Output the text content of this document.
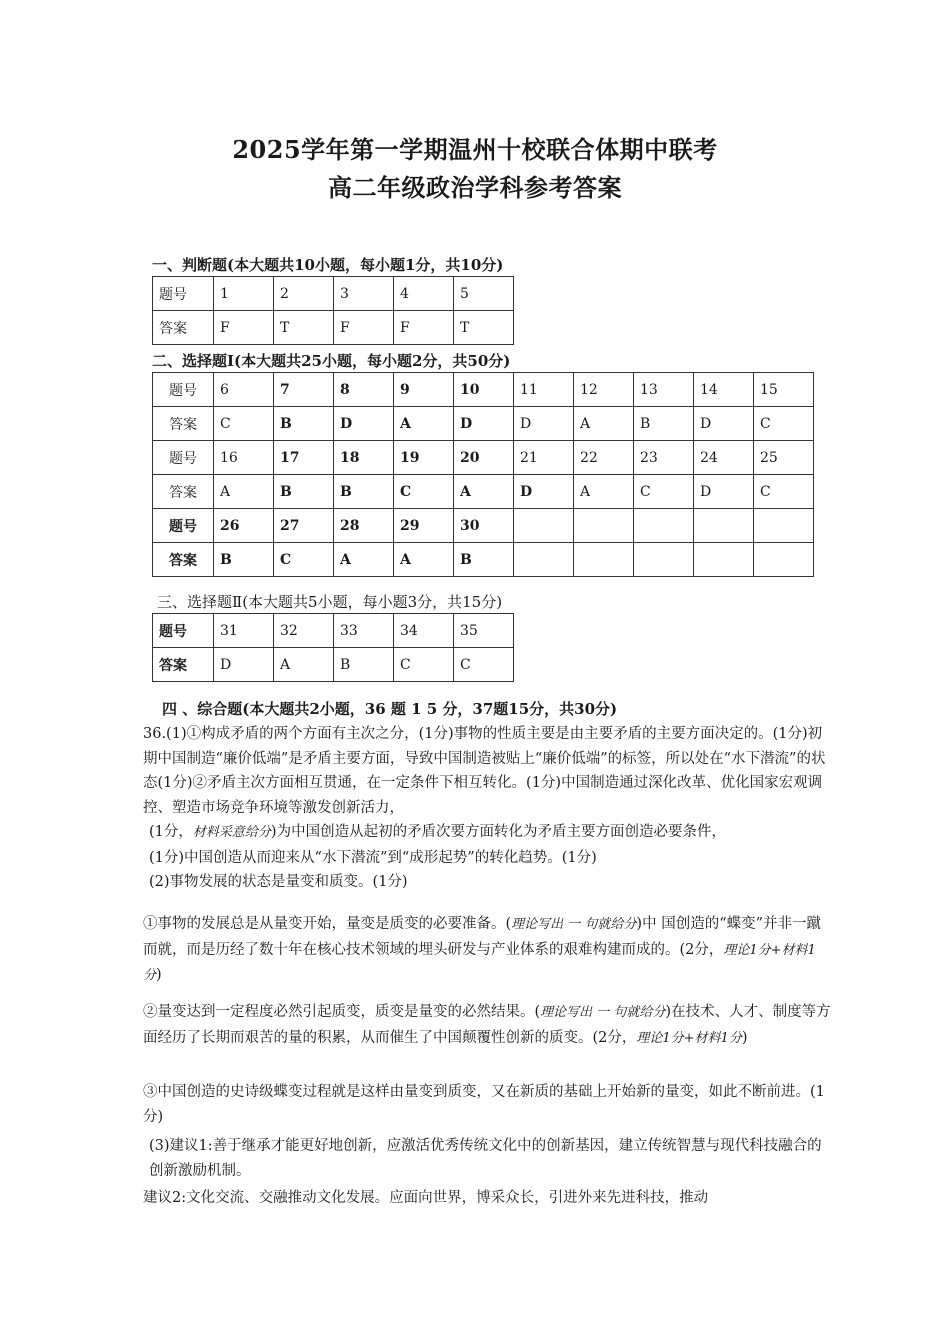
2025学年第一学期温州十校联合体期中联考
高二年级政治学科参考答案
一、判断题(本大题共10小题，每小题1分，共10分)
题号	1	2	3	4	5
答案	F	T	F	F	T
二、选择题I(本大题共25小题，每小题2分，共50分)
题号	6	7	8	9	10	11	12	13	14	15
答案	C	B	D	A	D	D	A	B	D	C
题号	16	17	18	19	20	21	22	23	24	25
答案	A	B	B	C	A	D	A	C	D	C
题号	26	27	28	29	30					
答案	B	C	A	A	B					
三、选择题Ⅱ(本大题共5小题，每小题3分，共15分)
题号	31	32	33	34	35
答案	D	A	B	C	C
四 、综合题(本大题共2小题，36 题 1 5 分，37题15分，共30分)

36.(1)①构成矛盾的两个方面有主次之分，(1分)事物的性质主要是由主要矛盾的主要方面决定的。(1分)初期中国制造“廉价低端”是矛盾主要方面，导致中国制造被贴上“廉价低端”的标签，所以处在“水下潜流”的状态(1分)②矛盾主次方面相互贯通，在一定条件下相互转化。(1分)中国制造通过深化改革、优化国家宏观调控、塑造市场竞争环境等激发创新活力，

(1分，材料采意给分)为中国创造从起初的矛盾次要方面转化为矛盾主要方面创造必要条件，

(1分)中国创造从而迎来从“水下潜流”到“成形起势”的转化趋势。(1分)

(2)事物发展的状态是量变和质变。(1分)

①事物的发展总是从量变开始，量变是质变的必要准备。(理论写出 一 句就给分)中 国创造的“蝶变”并非一蹴而就，而是历经了数十年在核心技术领域的埋头研发与产业体系的艰难构建而成的。(2分，理论1分+材料1分)

②量变达到一定程度必然引起质变，质变是量变的必然结果。(理论写出 一 句就给分)在技术、人才、制度等方面经历了长期而艰苦的量的积累，从而催生了中国颠覆性创新的质变。(2分，理论1分+材料1分)

③中国创造的史诗级蝶变过程就是这样由量变到质变，又在新质的基础上开始新的量变，如此不断前进。(1分)

(3)建议1:善于继承才能更好地创新，应激活优秀传统文化中的创新基因，建立传统智慧与现代科技融合的创新激励机制。

建议2:文化交流、交融推动文化发展。应面向世界，博采众长，引进外来先进科技，推动
